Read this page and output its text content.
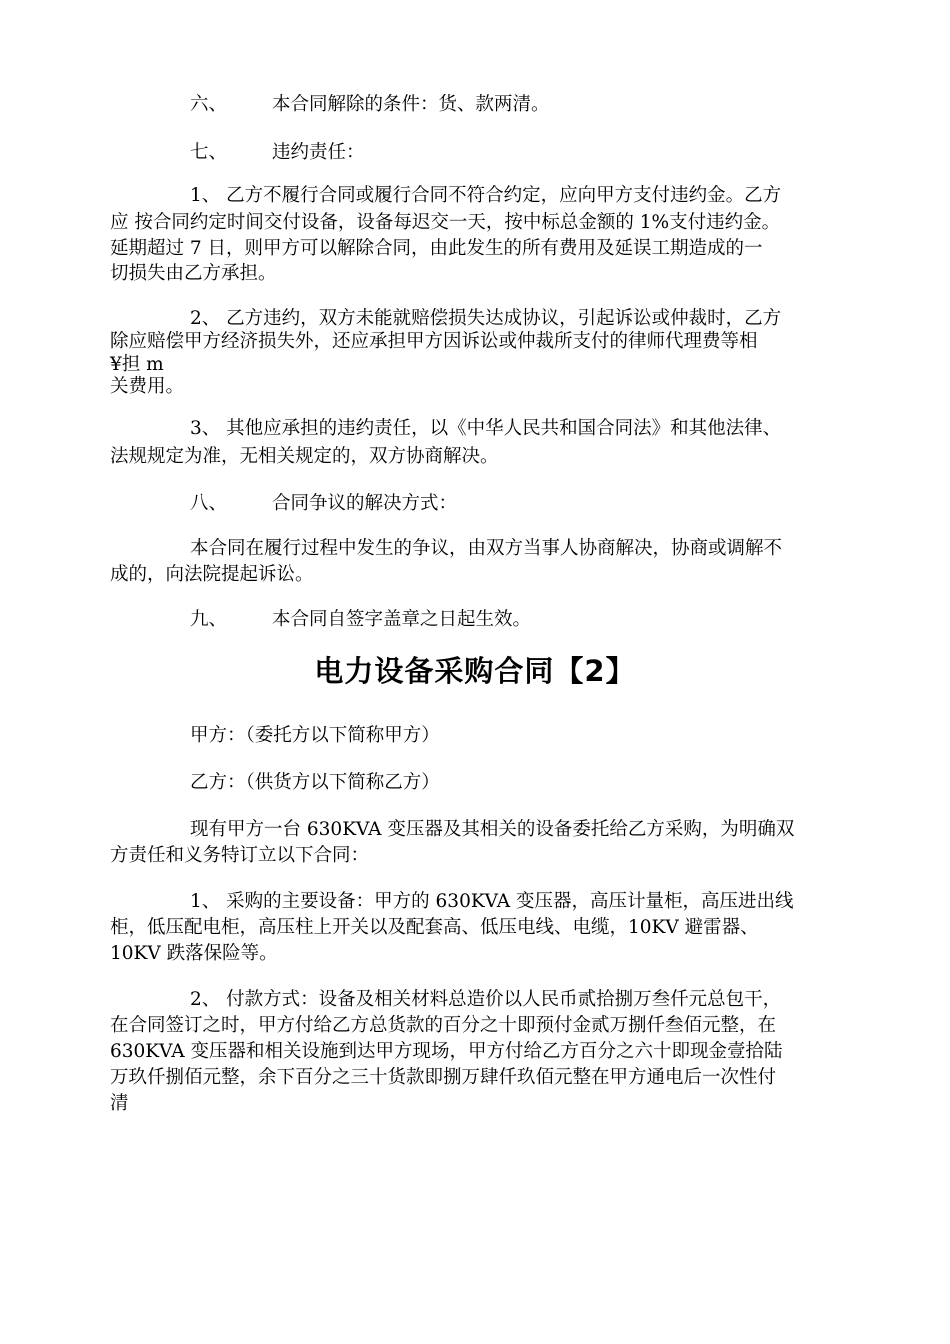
六、 本合同解除的条件：货、款两清。
七、 违约责任：
1、 乙方不履行合同或履行合同不符合约定，应向甲方支付违约金。乙方
应 按合同约定时间交付设备，设备每迟交一天，按中标总金额的 1%支付违约金。
延期超过 7 日，则甲方可以解除合同，由此发生的所有费用及延误工期造成的一
切损失由乙方承担。
2、 乙方违约，双方未能就赔偿损失达成协议，引起诉讼或仲裁时，乙方
除应赔偿甲方经济损失外，还应承担甲方因诉讼或仲裁所支付的律师代理费等相
¥担 m
关费用。
3、 其他应承担的违约责任，以《中华人民共和国合同法》和其他法律、
法规规定为准，无相关规定的，双方协商解决。
八、 合同争议的解决方式：
本合同在履行过程中发生的争议，由双方当事人协商解决，协商或调解不
成的，向法院提起诉讼。
九、 本合同自签字盖章之日起生效。
电力设备采购合同【2】
甲方：（委托方以下简称甲方）
乙方：（供货方以下简称乙方）
现有甲方一台 630KVA 变压器及其相关的设备委托给乙方采购，为明确双
方责任和义务特订立以下合同：
1、 采购的主要设备：甲方的 630KVA 变压器，高压计量柜，高压进出线
柜，低压配电柜，高压柱上开关以及配套高、低压电线、电缆，10KV 避雷器、
10KV 跌落保险等。
2、 付款方式：设备及相关材料总造价以人民币贰拾捌万叁仟元总包干，
在合同签订之时，甲方付给乙方总货款的百分之十即预付金贰万捌仟叁佰元整，在
630KVA 变压器和相关设施到达甲方现场，甲方付给乙方百分之六十即现金壹拾陆
万玖仟捌佰元整，余下百分之三十货款即捌万肆仟玖佰元整在甲方通电后一次性付
清
